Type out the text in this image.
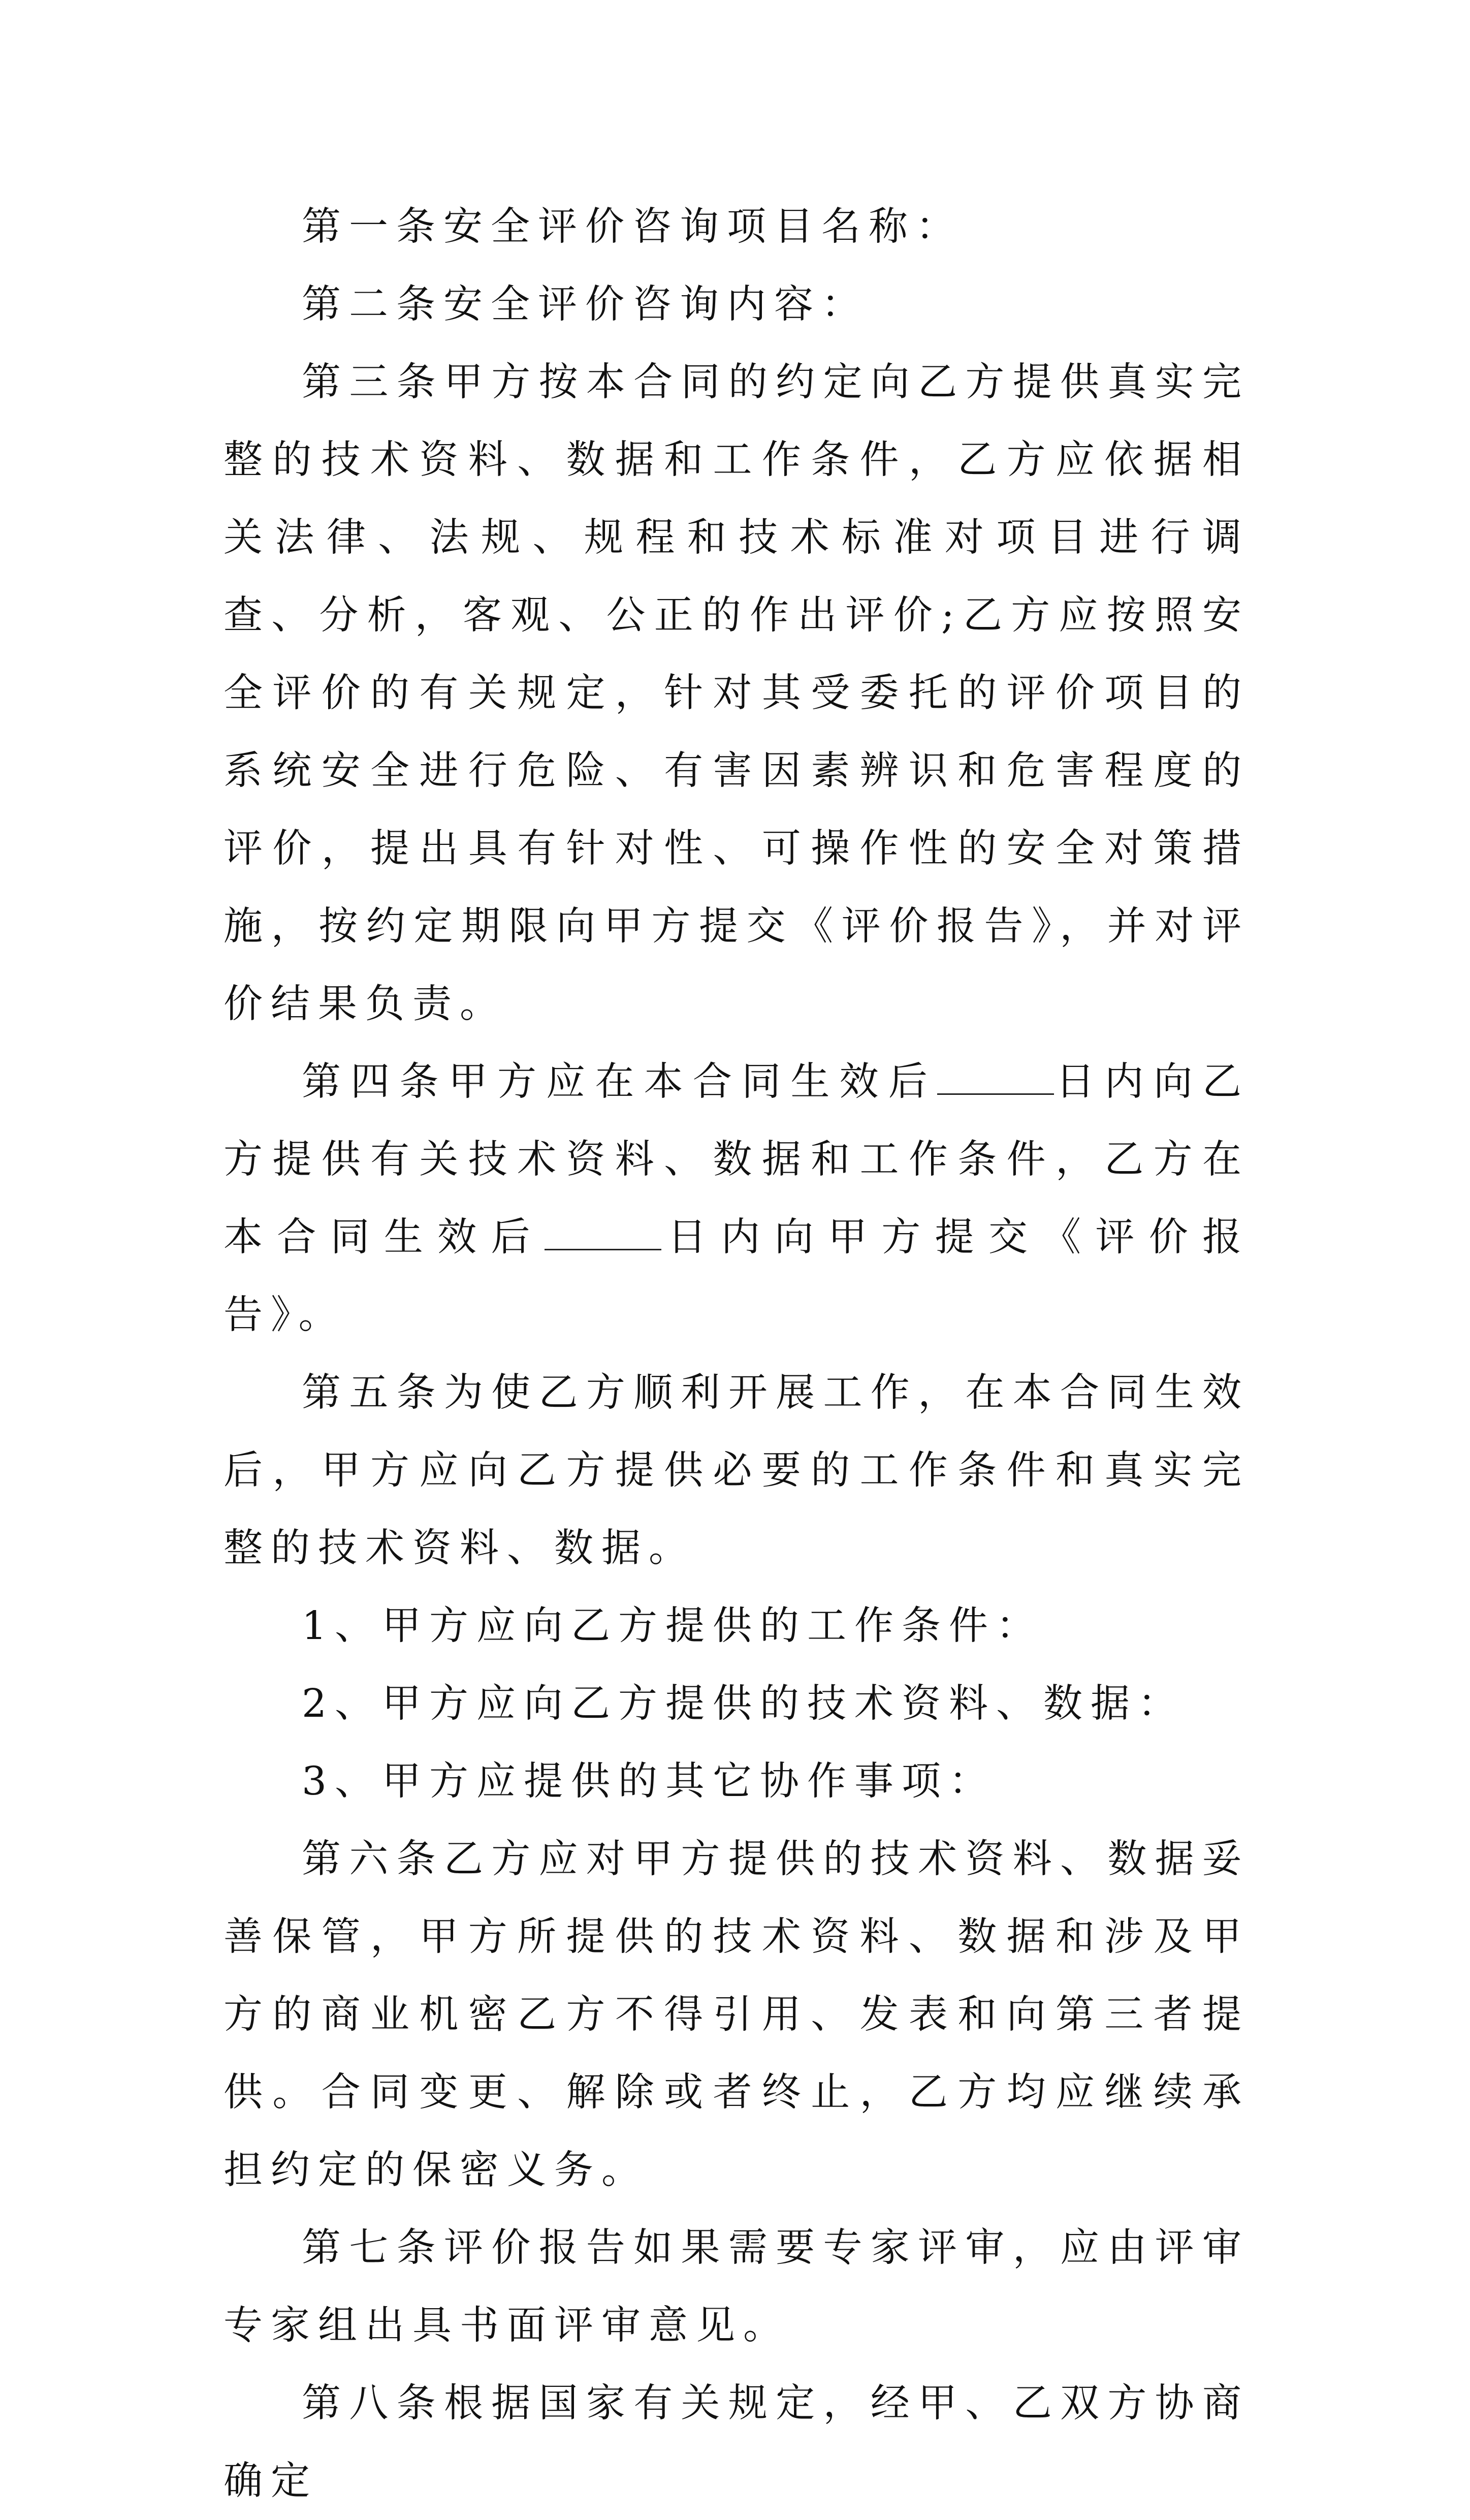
第一条安全评价咨询项目名称：

第二条安全评价咨询内容：

第三条甲方按本合同的约定向乙方提供真实完整的技术资料、数据和工作条件，乙方应依据相关法律、法规、规程和技术标准对项目进行调查、分析，客观、公正的作出评价;乙方应按照安全评价的有关规定，针对其受委托的评价项目的系统安全进行危险、有害因素辨识和危害程度的评价，提出具有针对性、可操作性的安全对策措施，按约定期限向甲方提交《评价报告》，并对评价结果负责。

第四条甲方应在本合同生效后	日内向乙方提供有关技术资料、数据和工作条件，乙方在本合同生效后	日内向甲方提交《评价报告》。

第五条为使乙方顺利开展工作，在本合同生效后，甲方应向乙方提供必要的工作条件和真实完整的技术资料、数据。

1、甲方应向乙方提供的工作条件：

2、甲方应向乙方提供的技术资料、数据：

3、甲方应提供的其它协作事项：

第六条乙方应对甲方提供的技术资料、数据妥善保管，甲方所提供的技术资料、数据和涉及甲方的商业机密乙方不得引用、发表和向第三者提供。合同变更、解除或者终止，乙方均应继续承担约定的保密义务。

第七条评价报告如果需要专家评审，应由评审专家组出具书面评审意见。

第八条根据国家有关规定，经甲、乙双方协商确定
